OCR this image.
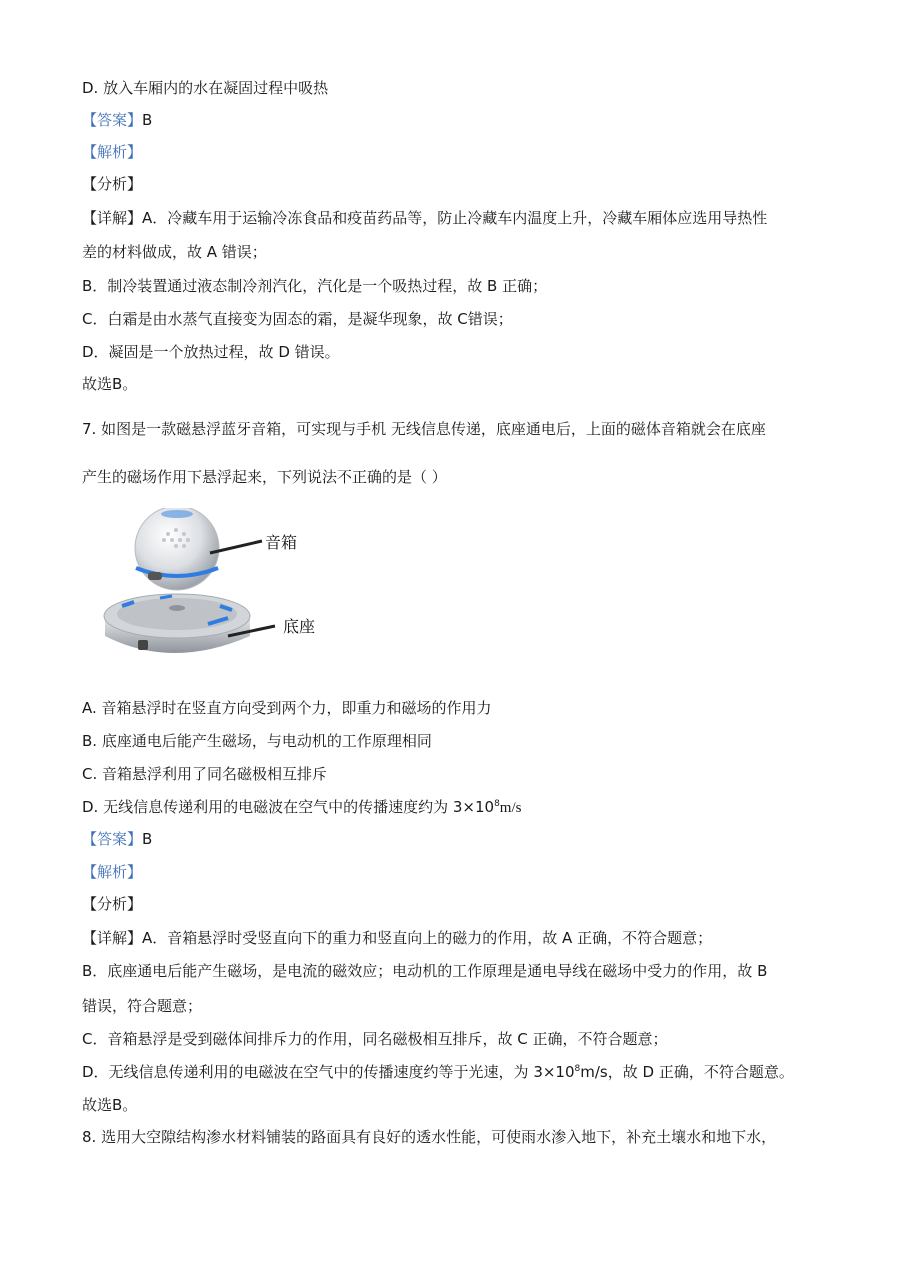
D. 放入车厢内的水在凝固过程中吸热
【答案】B
【解析】
【分析】
【详解】A．冷藏车用于运输冷冻食品和疫苗药品等，防止冷藏车内温度上升，冷藏车厢体应选用导热性
差的材料做成，故 A 错误；
B．制冷装置通过液态制冷剂汽化，汽化是一个吸热过程，故 B 正确；
C．白霜是由水蒸气直接变为固态的霜，是凝华现象，故 C错误；
D．凝固是一个放热过程，故 D 错误。
故选B。
7. 如图是一款磁悬浮蓝牙音箱，可实现与手机 无线信息传递，底座通电后，上面的磁体音箱就会在底座
产生的磁场作用下悬浮起来，下列说法不正确的是（ ）
音箱
底座
A. 音箱悬浮时在竖直方向受到两个力，即重力和磁场的作用力
B. 底座通电后能产生磁场，与电动机的工作原理相同
C. 音箱悬浮利用了同名磁极相互排斥
D. 无线信息传递利用的电磁波在空气中的传播速度约为 $3\times 10^8m/s$
【答案】B
【解析】
【分析】
【详解】A．音箱悬浮时受竖直向下的重力和竖直向上的磁力的作用，故 A 正确，不符合题意；
B．底座通电后能产生磁场，是电流的磁效应；电动机的工作原理是通电导线在磁场中受力的作用，故 B
错误，符合题意；
C．音箱悬浮是受到磁体间排斥力的作用，同名磁极相互排斥，故 C 正确，不符合题意；
D．无线信息传递利用的电磁波在空气中的传播速度约等于光速，为 $3\times 10^8m/s$，故 D 正确，不符合题意。
故选B。
8. 选用大空隙结构渗水材料铺装的路面具有良好的透水性能，可使雨水渗入地下，补充土壤水和地下水，
